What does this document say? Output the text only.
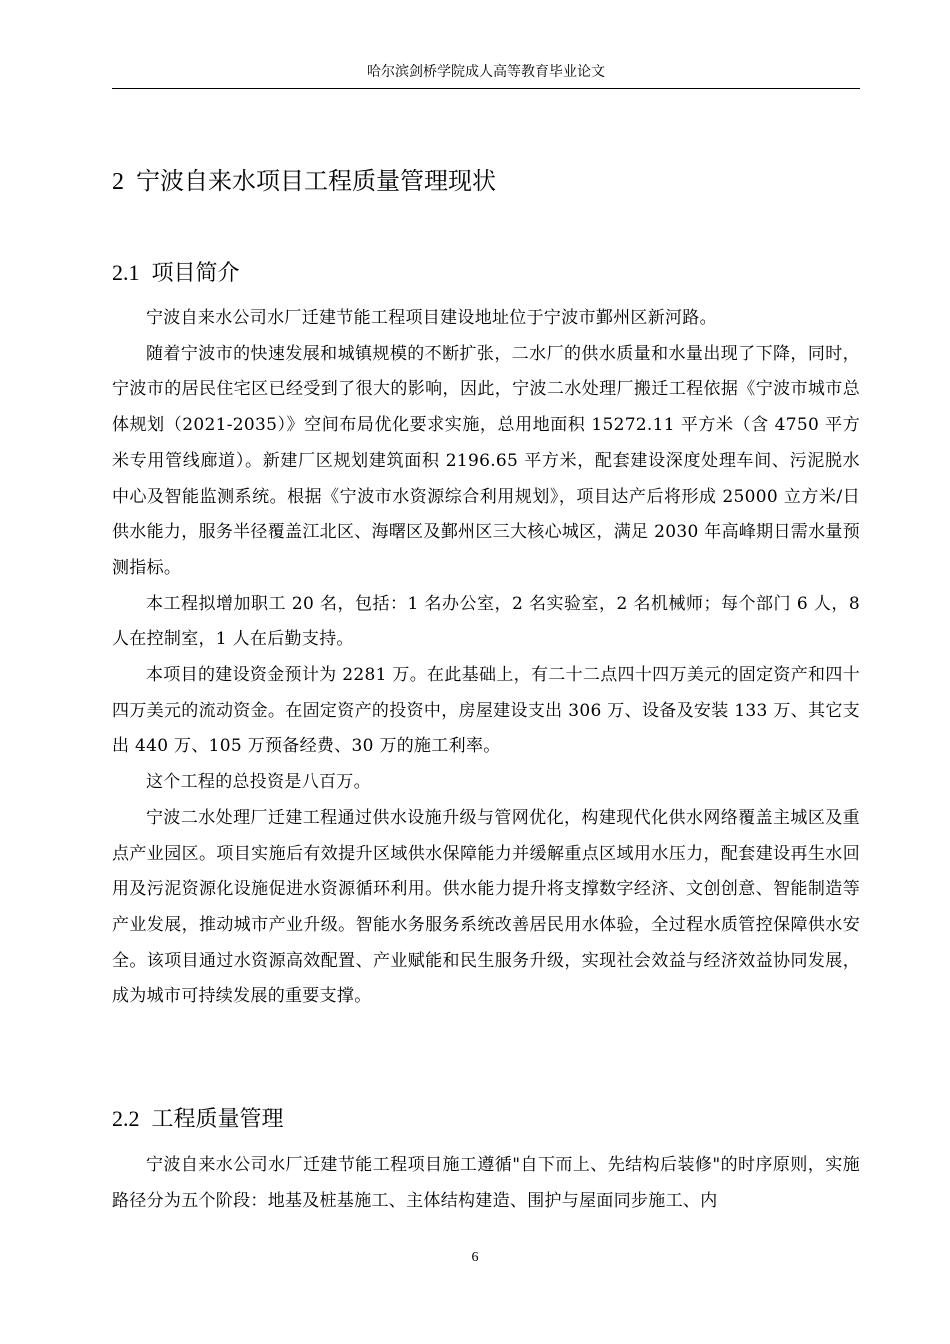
哈尔滨剑桥学院成人高等教育毕业论文
2 宁波自来水项目工程质量管理现状
2.1 项目简介

宁波自来水公司水厂迁建节能工程项目建设地址位于宁波市鄞州区新河路。

随着宁波市的快速发展和城镇规模的不断扩张，二水厂的供水质量和水量出现了下降，同时，宁波市的居民住宅区已经受到了很大的影响，因此，宁波二水处理厂搬迁工程依据《宁波市城市总体规划（2021-2035）》空间布局优化要求实施，总用地面积 15272.11 平方米（含 4750 平方米专用管线廊道）。新建厂区规划建筑面积 2196.65 平方米，配套建设深度处理车间、污泥脱水中心及智能监测系统。根据《宁波市水资源综合利用规划》，项目达产后将形成 25000 立方米/日供水能力，服务半径覆盖江北区、海曙区及鄞州区三大核心城区，满足 2030 年高峰期日需水量预测指标。

本工程拟增加职工 20 名，包括：1 名办公室，2 名实验室，2 名机械师；每个部门 6 人，8 人在控制室，1 人在后勤支持。

本项目的建设资金预计为 2281 万。在此基础上，有二十二点四十四万美元的固定资产和四十四万美元的流动资金。在固定资产的投资中，房屋建设支出 306 万、设备及安装 133 万、其它支出 440 万、105 万预备经费、30 万的施工利率。

这个工程的总投资是八百万。

宁波二水处理厂迁建工程通过供水设施升级与管网优化，构建现代化供水网络覆盖主城区及重点产业园区。项目实施后有效提升区域供水保障能力并缓解重点区域用水压力，配套建设再生水回用及污泥资源化设施促进水资源循环利用。供水能力提升将支撑数字经济、文创创意、智能制造等产业发展，推动城市产业升级。智能水务服务系统改善居民用水体验，全过程水质管控保障供水安全。该项目通过水资源高效配置、产业赋能和民生服务升级，实现社会效益与经济效益协同发展，成为城市可持续发展的重要支撑。

2.2 工程质量管理

宁波自来水公司水厂迁建节能工程项目施工遵循"自下而上、先结构后装修"的时序原则，实施路径分为五个阶段：地基及桩基施工、主体结构建造、围护与屋面同步施工、内

6
